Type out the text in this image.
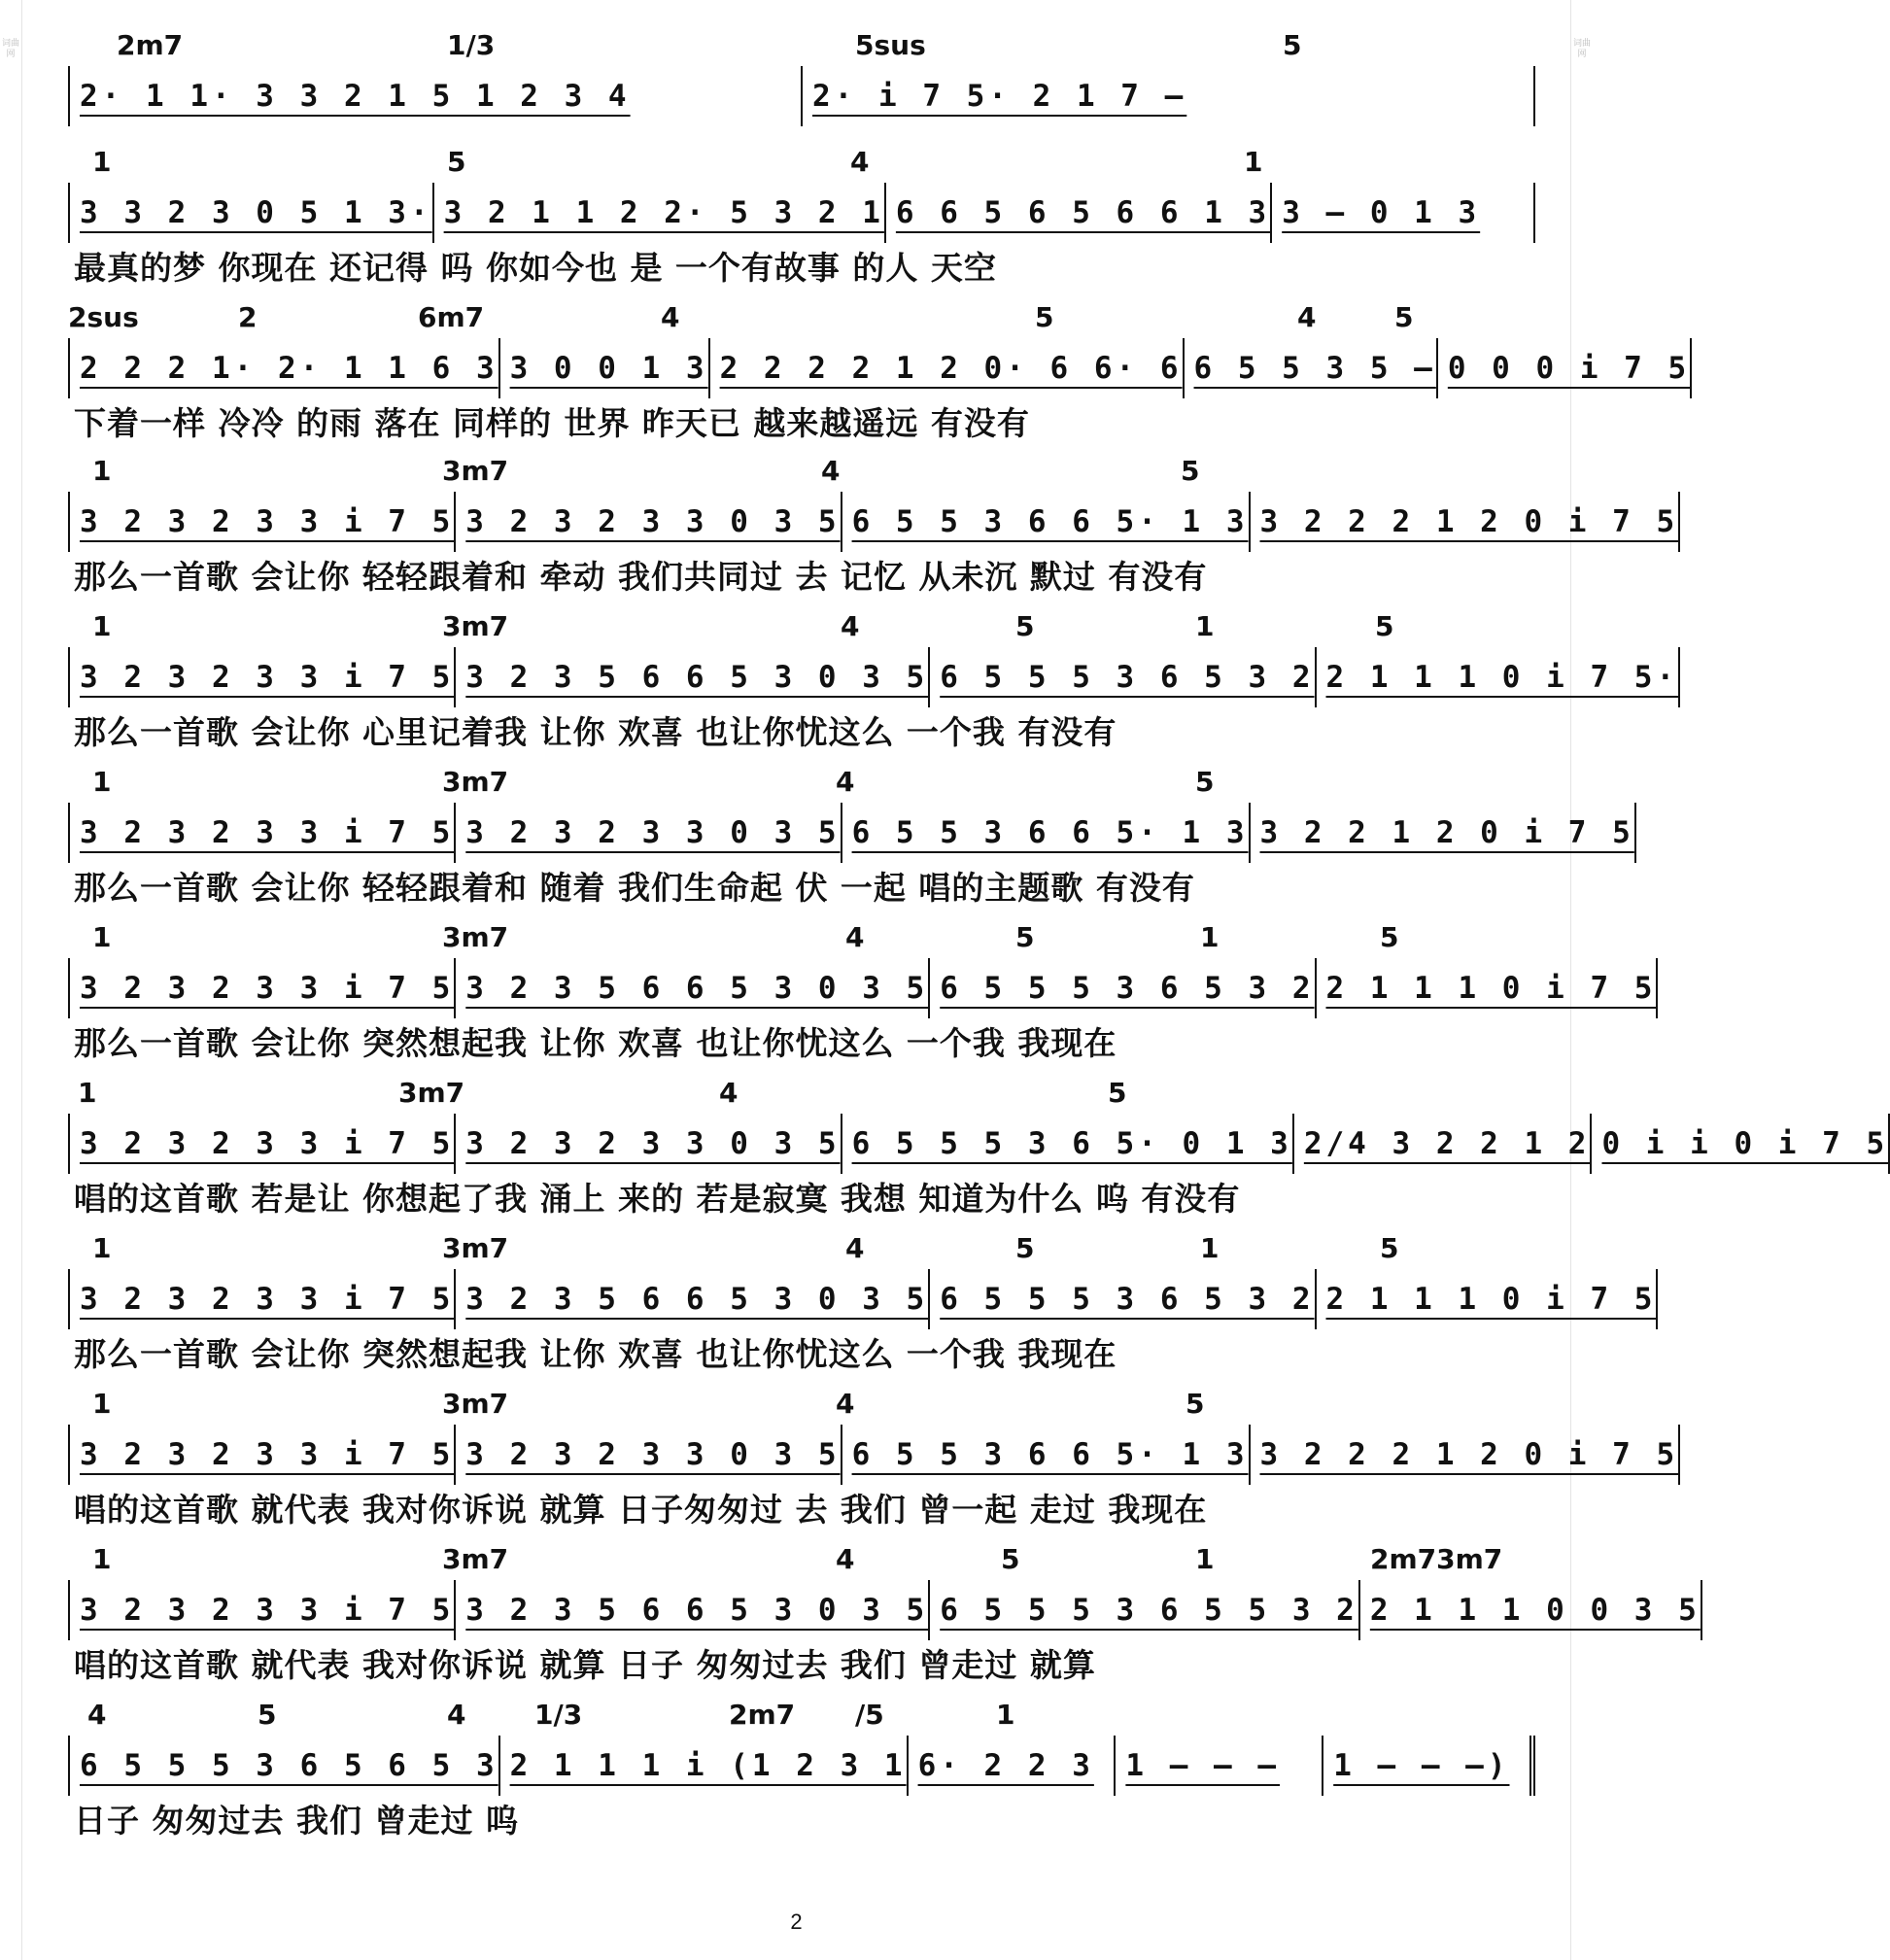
词曲网
词曲网
2m7	1/3	5sus	5
2· 1 1· 3 3 2 1 5 1 2 3 4	2· i 7 5· 2 1 7 –
1	5	4	1
3 3 2 3 0 5 1 3· 3 2 1 1 2 2· 5 3 2 1 6 6 5 6 5 6 6 1 3 3 – 0 1 3
最真的梦 你现在 还记得 吗 你如今也 是 一个有故事 的人 天空
2sus	2	6m7	4	5	4	5
2 2 2 1· 2· 1 1 6 3 3 0 0 1 3 2 2 2 2 1 2 0· 6 6· 6 6 5 5 3 5 – 0 0 0 i 7 5
下着一样 冷冷 的雨 落在 同样的 世界 昨天已 越来越遥远 有没有
1	3m7	4	5
3 2 3 2 3 3 i 7 5 3 2 3 2 3 3 0 3 5 6 5 5 3 6 6 5· 1 3 3 2 2 2 1 2 0 i 7 5
那么一首歌 会让你 轻轻跟着和 牵动 我们共同过 去 记忆 从未沉 默过 有没有
1	3m7	4	5	1	5
3 2 3 2 3 3 i 7 5 3 2 3 5 6 6 5 3 0 3 5 6 5 5 5 3 6 5 3 2 2 1 1 1 0 i 7 5·
那么一首歌 会让你 心里记着我 让你 欢喜 也让你忧这么 一个我 有没有
1	3m7	4	5
3 2 3 2 3 3 i 7 5 3 2 3 2 3 3 0 3 5 6 5 5 3 6 6 5· 1 3 3 2 2 1 2 0 i 7 5
那么一首歌 会让你 轻轻跟着和 随着 我们生命起 伏 一起 唱的主题歌 有没有
1	3m7	4	5	1	5
3 2 3 2 3 3 i 7 5 3 2 3 5 6 6 5 3 0 3 5 6 5 5 5 3 6 5 3 2 2 1 1 1 0 i 7 5
那么一首歌 会让你 突然想起我 让你 欢喜 也让你忧这么 一个我 我现在
1	3m7	4	5
3 2 3 2 3 3 i 7 5 3 2 3 2 3 3 0 3 5 6 5 5 5 3 6 5· 0 1 3 2/4 3 2 2 1 2 0 i i 0 i 7 5
唱的这首歌 若是让 你想起了我 涌上 来的 若是寂寞 我想 知道为什么 呜 有没有
1	3m7	4	5	1	5
3 2 3 2 3 3 i 7 5 3 2 3 5 6 6 5 3 0 3 5 6 5 5 5 3 6 5 3 2 2 1 1 1 0 i 7 5
那么一首歌 会让你 突然想起我 让你 欢喜 也让你忧这么 一个我 我现在
1	3m7	4	5
3 2 3 2 3 3 i 7 5 3 2 3 2 3 3 0 3 5 6 5 5 3 6 6 5· 1 3 3 2 2 2 1 2 0 i 7 5
唱的这首歌 就代表 我对你诉说 就算 日子匆匆过 去 我们 曾一起 走过 我现在
1	3m7	4	5	1	2m73m7
3 2 3 2 3 3 i 7 5 3 2 3 5 6 6 5 3 0 3 5 6 5 5 5 3 6 5 5 3 2 2 1 1 1 0 0 3 5
唱的这首歌 就代表 我对你诉说 就算 日子 匆匆过去 我们 曾走过 就算
4	5	4	1/3	2m7 /5	1
6 5 5 5 3 6 5 6 5 3 2 1 1 1 i (1 2 3 1 6· 2 2 3 1 – – – 1 – – –)
日子 匆匆过去 我们 曾走过 呜
2
